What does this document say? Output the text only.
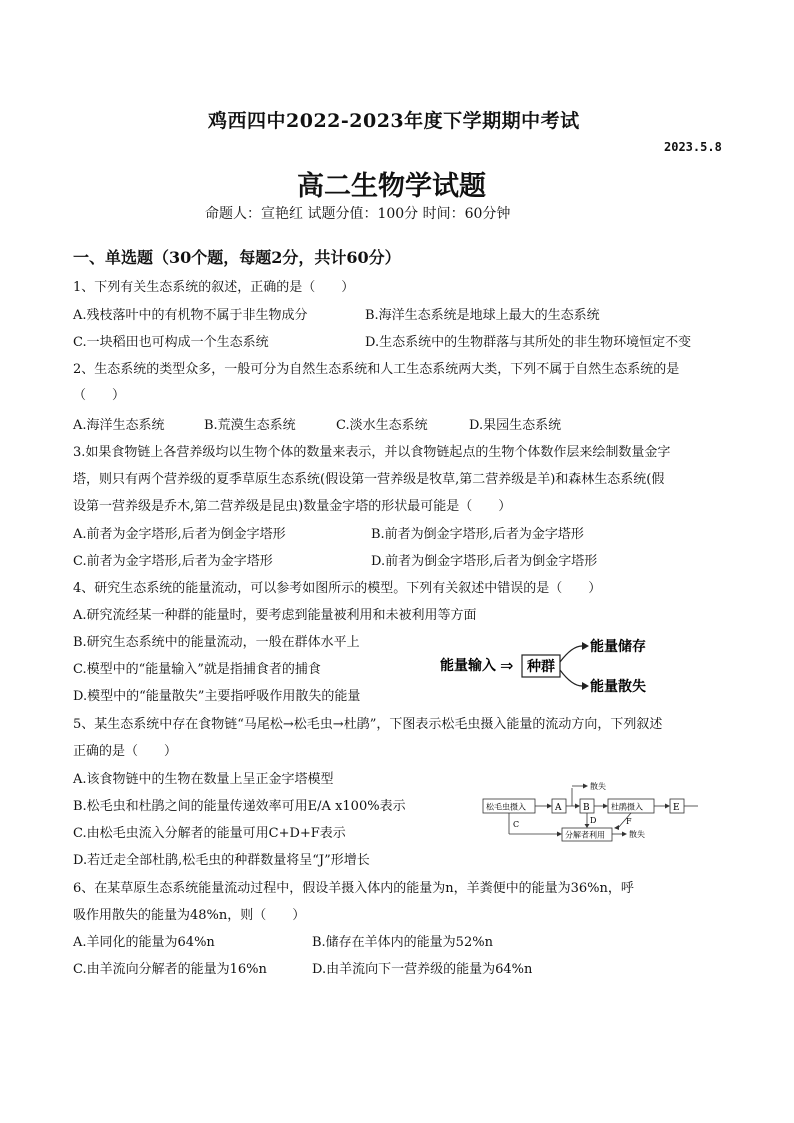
鸡西四中2022-2023年度下学期期中考试
2023.5.8
高二生物学试题
命题人：宣艳红 试题分值：100分 时间：60分钟
一、单选题（30个题，每题2分，共计60分）
1、下列有关生态系统的叙述，正确的是（　　）
A.残枝落叶中的有机物不属于非生物成分	B.海洋生态系统是地球上最大的生态系统
C.一块稻田也可构成一个生态系统	D.生态系统中的生物群落与其所处的非生物环境恒定不变
2、生态系统的类型众多，一般可分为自然生态系统和人工生态系统两大类，下列不属于自然生态系统的是
（　　）
A.海洋生态系统	B.荒漠生态系统	C.淡水生态系统	D.果园生态系统
3.如果食物链上各营养级均以生物个体的数量来表示，并以食物链起点的生物个体数作层来绘制数量金字
塔，则只有两个营养级的夏季草原生态系统(假设第一营养级是牧草,第二营养级是羊)和森林生态系统(假
设第一营养级是乔木,第二营养级是昆虫)数量金字塔的形状最可能是（　　）
A.前者为金字塔形,后者为倒金字塔形	B.前者为倒金字塔形,后者为金字塔形
C.前者为金字塔形,后者为金字塔形	D.前者为倒金字塔形,后者为倒金字塔形
4、研究生态系统的能量流动，可以参考如图所示的模型。下列有关叙述中错误的是（　　）
A.研究流经某一种群的能量时，要考虑到能量被利用和未被利用等方面
B.研究生态系统中的能量流动，一般在群体水平上
C.模型中的“能量输入”就是指捕食者的捕食
D.模型中的“能量散失”主要指呼吸作用散失的能量
能量输入 ⇒ 种群
能量储存
能量散失
5、某生态系统中存在食物链“马尾松→松毛虫→杜鹃”，下图表示松毛虫摄入能量的流动方向，下列叙述
正确的是（　　）
A.该食物链中的生物在数量上呈正金字塔模型
B.松毛虫和杜鹃之间的能量传递效率可用E/A x100%表示
C.由松毛虫流入分解者的能量可用C+D+F表示
D.若迁走全部杜鹃,松毛虫的种群数量将呈“J”形增长
松毛虫摄入	A
散失
B	杜鹃摄入	E
C	D
分解者利用
F
散失
6、在某草原生态系统能量流动过程中，假设羊摄入体内的能量为n，羊粪便中的能量为36%n，呼
吸作用散失的能量为48%n，则（　　）
A.羊同化的能量为64%n	B.储存在羊体内的能量为52%n
C.由羊流向分解者的能量为16%n	D.由羊流向下一营养级的能量为64%n
